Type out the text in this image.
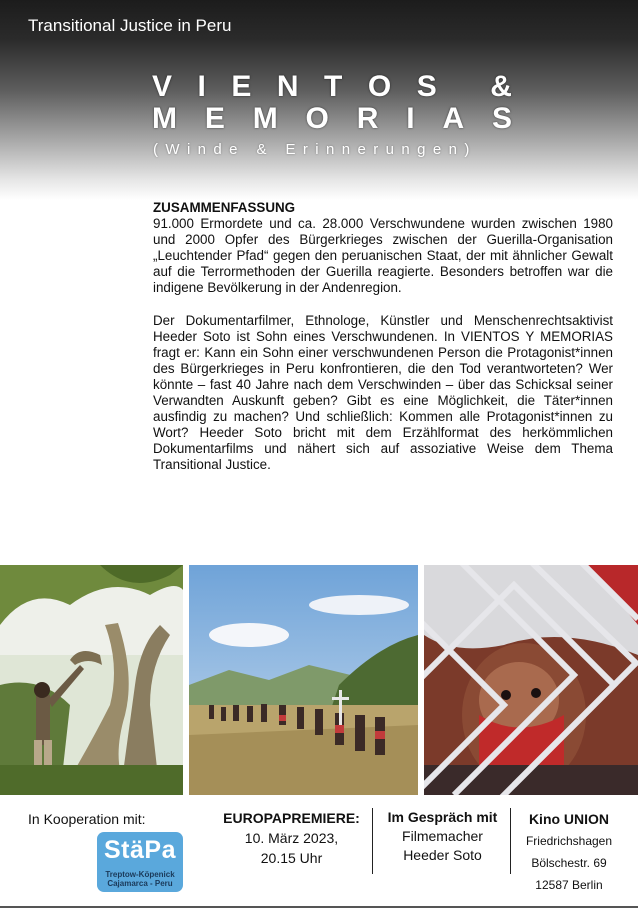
Transitional Justice in Peru
V I E N T O S &
M E M O R I A S
(Winde & Erinnerungen)
ZUSAMMENFASSUNG

91.000 Ermordete und ca. 28.000 Verschwundene wurden zwischen 1980 und 2000 Opfer des Bürgerkrieges zwischen der Guerilla-Organisation „Leuchtender Pfad“ gegen den peruanischen Staat, der mit ähnlicher Gewalt auf die Terrormethoden der Guerilla reagierte. Besonders betroffen war die indigene Bevölkerung in der Andenregion.

Der Dokumentarfilmer, Ethnologe, Künstler und Menschenrechtsaktivist Heeder Soto ist Sohn eines Verschwundenen. In VIENTOS Y MEMORIAS fragt er: Kann ein Sohn einer verschwundenen Person die Protagonist*innen des Bürgerkrieges in Peru konfrontieren, die den Tod verantworteten? Wer könnte – fast 40 Jahre nach dem Verschwinden – über das Schicksal seiner Verwandten Auskunft geben? Gibt es eine Möglichkeit, die Täter*innen ausfindig zu machen? Und schließlich: Kommen alle Protagonist*innen zu Wort? Heeder Soto bricht mit dem Erzählformat des herkömmlichen Dokumentarfilms und nähert sich auf assoziative Weise dem Thema Transitional Justice.

In Kooperation mit:
StäPa
Treptow-Köpenick
Cajamarca - Peru
EUROPAPREMIERE:
10. März 2023,
20.15 Uhr
Im Gespräch mit
Filmemacher
Heeder Soto
Kino UNION
Friedrichshagen
Bölschestr. 69
12587 Berlin
